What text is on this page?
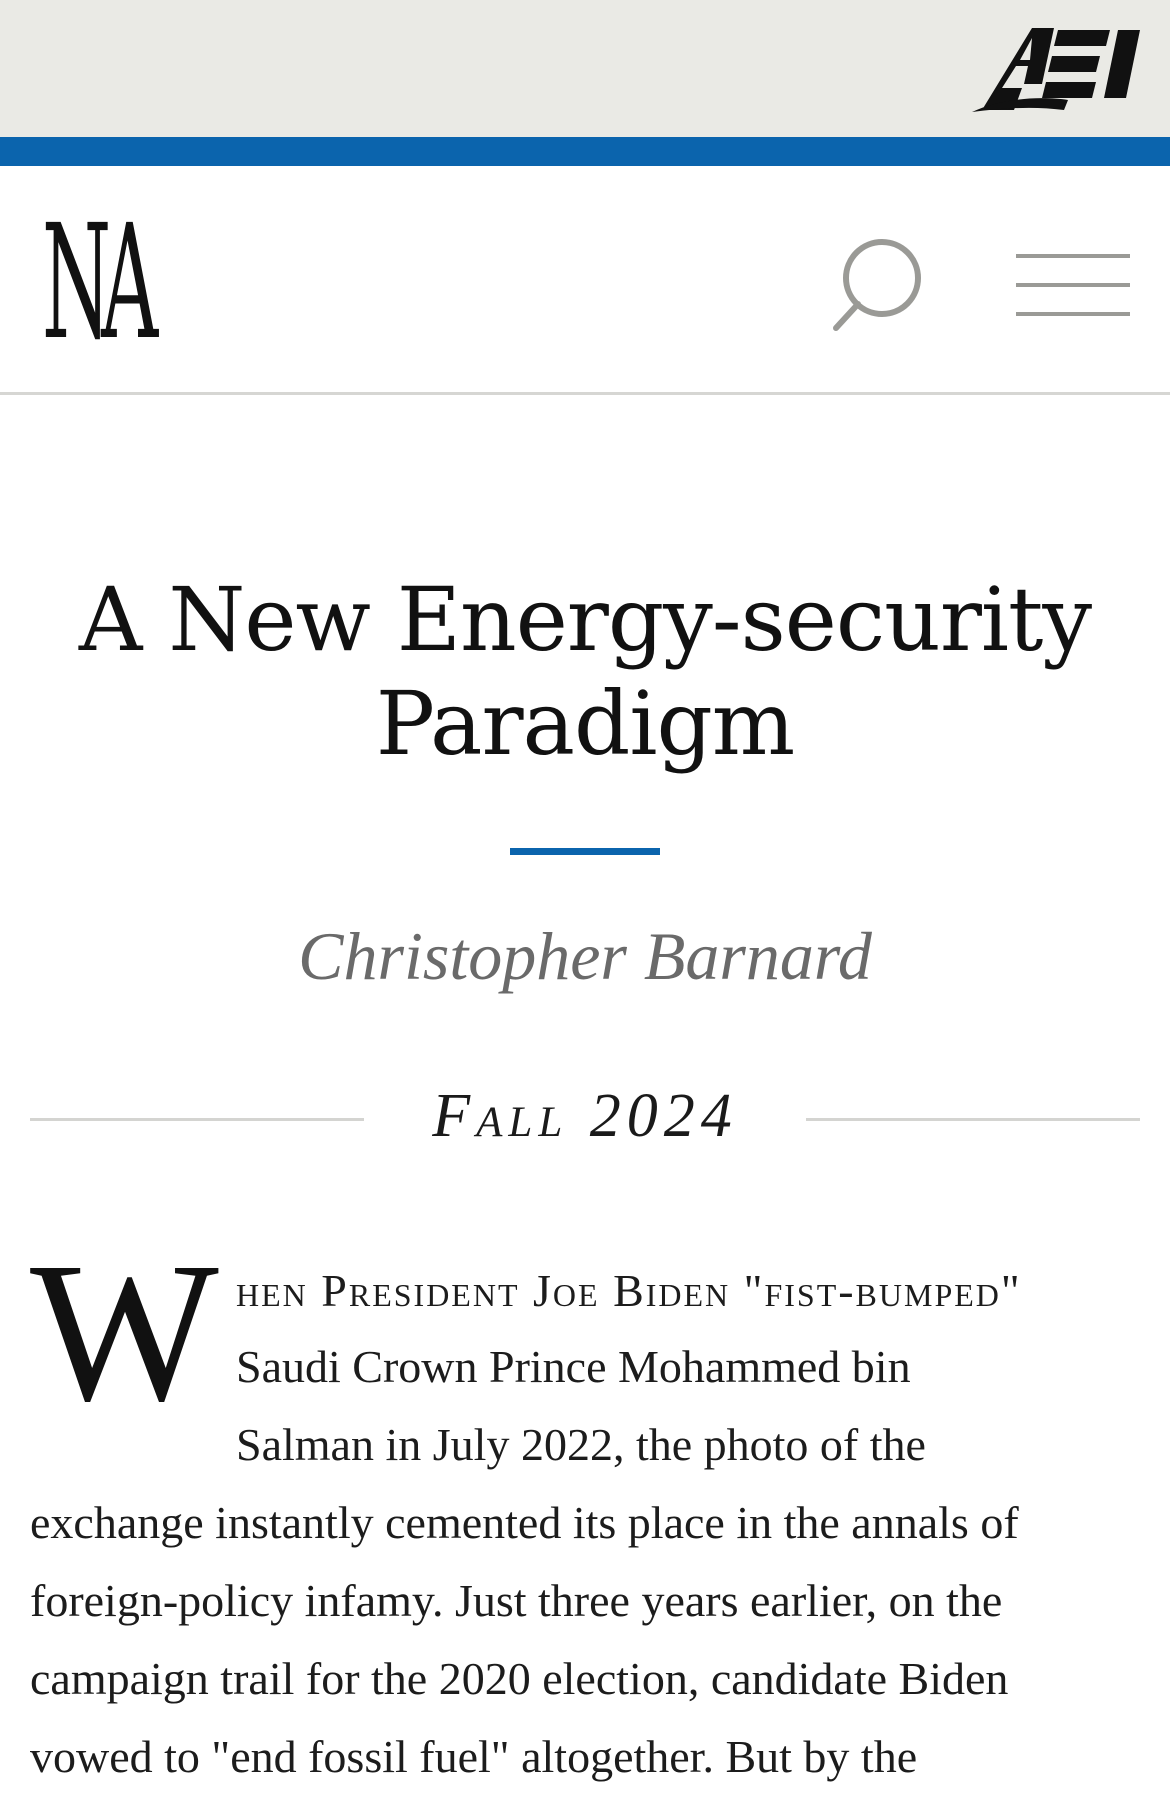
NA
A New Energy-security Paradigm
Christopher Barnard
Fall 2024
W hen President Joe Biden "fist-bumped"
Saudi Crown Prince Mohammed bin
Salman in July 2022, the photo of the
exchange instantly cemented its place in the annals of
foreign-policy infamy. Just three years earlier, on the
campaign trail for the 2020 election, candidate Biden
vowed to "end fossil fuel" altogether. But by the
